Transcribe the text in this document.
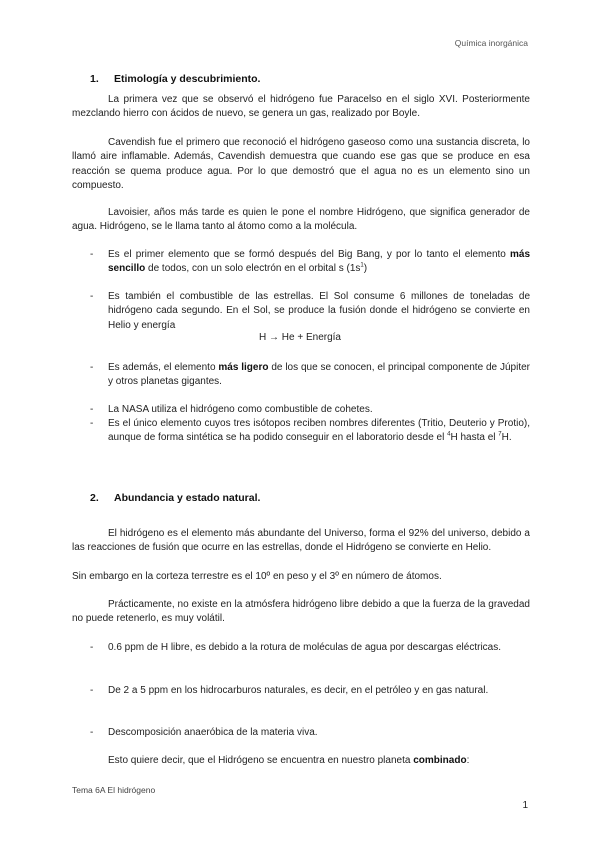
Química inorgánica
1. Etimología y descubrimiento.
La primera vez que se observó el hidrógeno fue Paracelso en el siglo XVI. Posteriormente mezclando hierro con ácidos de nuevo, se genera un gas, realizado por Boyle.
Cavendish fue el primero que reconoció el hidrógeno gaseoso como una sustancia discreta, lo llamó aire inflamable. Además, Cavendish demuestra que cuando ese gas que se produce en esa reacción se quema produce agua. Por lo que demostró que el agua no es un elemento sino un compuesto.
Lavoisier, años más tarde es quien le pone el nombre Hidrógeno, que significa generador de agua. Hidrógeno, se le llama tanto al átomo como a la molécula.
- Es el primer elemento que se formó después del Big Bang, y por lo tanto el elemento más sencillo de todos, con un solo electrón en el orbital s $(1s^1)$
- Es también el combustible de las estrellas. El Sol consume 6 millones de toneladas de hidrógeno cada segundo. En el Sol, se produce la fusión donde el hidrógeno se convierte en Helio y energía
H → He + Energía
- Es además, el elemento más ligero de los que se conocen, el principal componente de Júpiter y otros planetas gigantes.
- La NASA utiliza el hidrógeno como combustible de cohetes.
- Es el único elemento cuyos tres isótopos reciben nombres diferentes (Tritio, Deuterio y Protio), aunque de forma sintética se ha podido conseguir en el laboratorio desde el $^4$H hasta el $^7$H.
2. Abundancia y estado natural.
El hidrógeno es el elemento más abundante del Universo, forma el 92% del universo, debido a las reacciones de fusión que ocurre en las estrellas, donde el Hidrógeno se convierte en Helio.
Sin embargo en la corteza terrestre es el 10º en peso y el 3º en número de átomos.
Prácticamente, no existe en la atmósfera hidrógeno libre debido a que la fuerza de la gravedad no puede retenerlo, es muy volátil.
- 0.6 ppm de H libre, es debido a la rotura de moléculas de agua por descargas eléctricas.
- De 2 a 5 ppm en los hidrocarburos naturales, es decir, en el petróleo y en gas natural.
- Descomposición anaeróbica de la materia viva.
Esto quiere decir, que el Hidrógeno se encuentra en nuestro planeta combinado:
Tema 6A El hidrógeno
1
